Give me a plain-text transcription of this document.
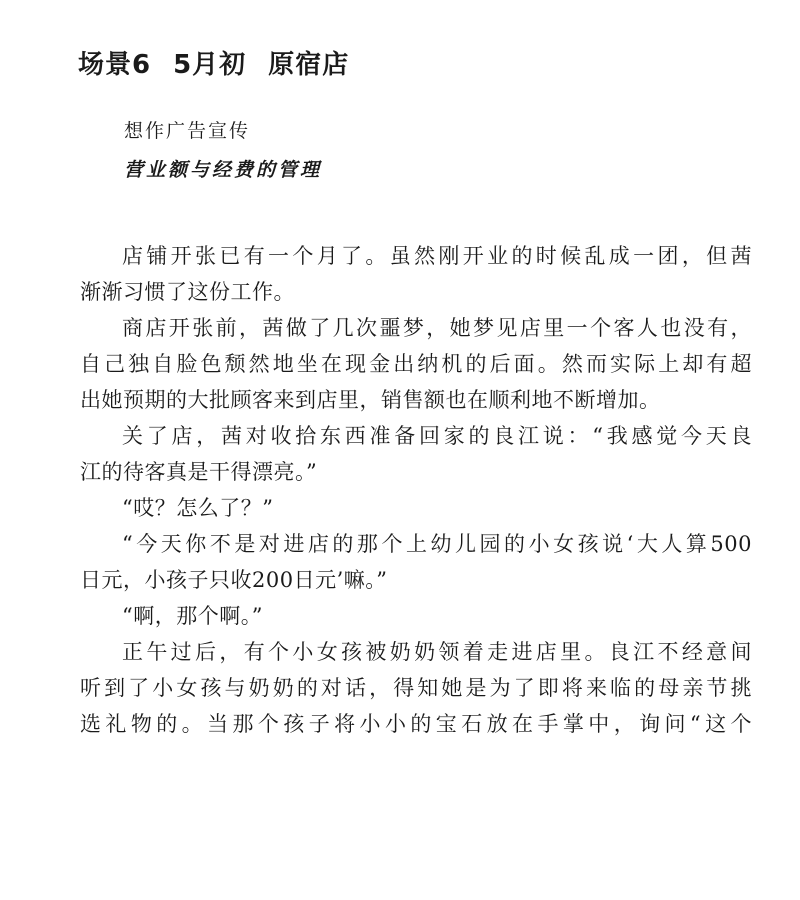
场景6 5月初 原宿店

想作广告宣传

营业额与经费的管理

店铺开张已有一个月了。虽然刚开业的时候乱成一团，但茜
渐渐习惯了这份工作。
商店开张前，茜做了几次噩梦，她梦见店里一个客人也没有，
自己独自脸色颓然地坐在现金出纳机的后面。然而实际上却有超
出她预期的大批顾客来到店里，销售额也在顺利地不断增加。
关了店，茜对收拾东西准备回家的良江说：“我感觉今天良
江的待客真是干得漂亮。”
“哎？怎么了？”
“今天你不是对进店的那个上幼儿园的小女孩说‘大人算500
日元，小孩子只收200日元’嘛。”
“啊，那个啊。”
正午过后，有个小女孩被奶奶领着走进店里。良江不经意间
听到了小女孩与奶奶的对话，得知她是为了即将来临的母亲节挑
选礼物的。当那个孩子将小小的宝石放在手掌中，询问“这个
